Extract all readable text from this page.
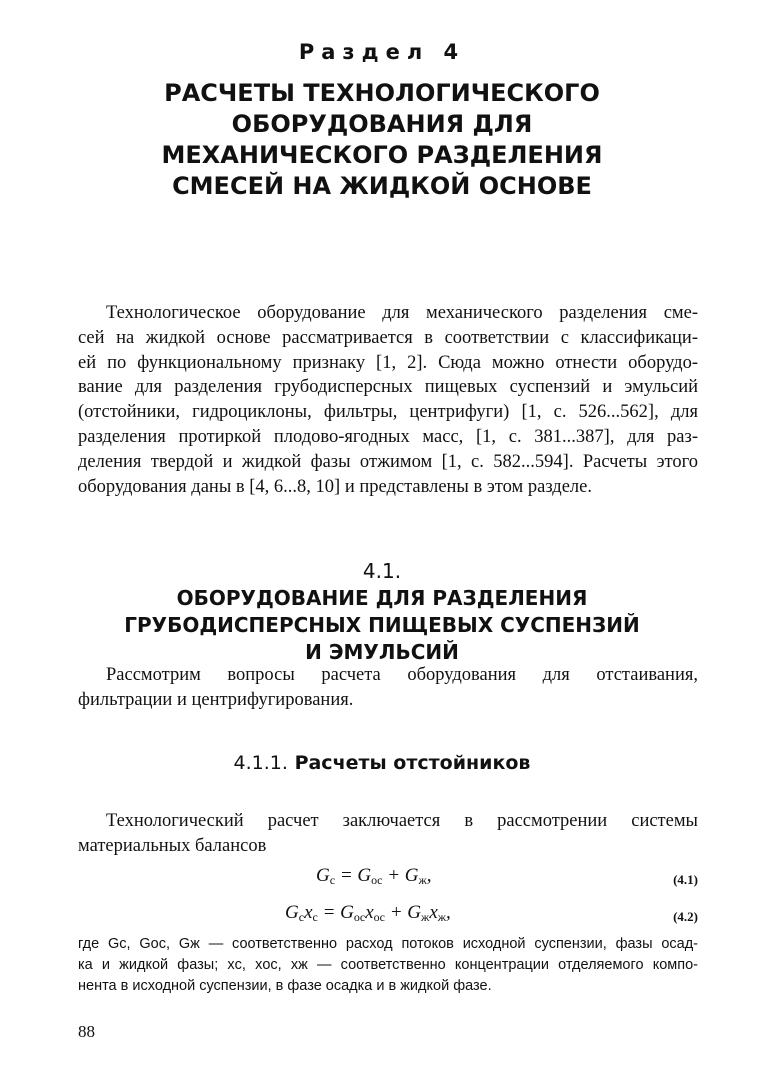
Раздел 4
РАСЧЕТЫ ТЕХНОЛОГИЧЕСКОГО
ОБОРУДОВАНИЯ ДЛЯ
МЕХАНИЧЕСКОГО РАЗДЕЛЕНИЯ
СМЕСЕЙ НА ЖИДКОЙ ОСНОВЕ

Технологическое оборудование для механического разделения сме-
сей на жидкой основе рассматривается в соответствии с классификаци-
ей по функциональному признаку [1, 2]. Сюда можно отнести оборудо-
вание для разделения грубодисперсных пищевых суспензий и эмульсий
(отстойники, гидроциклоны, фильтры, центрифуги) [1, с. 526...562], для
разделения протиркой плодово-ягодных масс, [1, с. 381...387], для раз-
деления твердой и жидкой фазы отжимом [1, с. 582...594]. Расчеты этого
оборудования даны в [4, 6...8, 10] и представлены в этом разделе.

4.1.
ОБОРУДОВАНИЕ ДЛЯ РАЗДЕЛЕНИЯ
ГРУБОДИСПЕРСНЫХ ПИЩЕВЫХ СУСПЕНЗИЙ
И ЭМУЛЬСИЙ

Рассмотрим вопросы расчета оборудования для отстаивания,
фильтрации и центрифугирования.

4.1.1. Расчеты отстойников

Технологический расчет заключается в рассмотрении системы
материальных балансов

$G_c = G_{oc} + G_ж$,	(4.1)
$G_cx_c = G_{oc}x_{oc} + G_жx_ж$,	(4.2)

где Gc, Goc, Gж — соответственно расход потоков исходной суспензии, фазы осад-
ка и жидкой фазы; xc, xoc, xж — соответственно концентрации отделяемого компо-
нента в исходной суспензии, в фазе осадка и в жидкой фазе.

88
